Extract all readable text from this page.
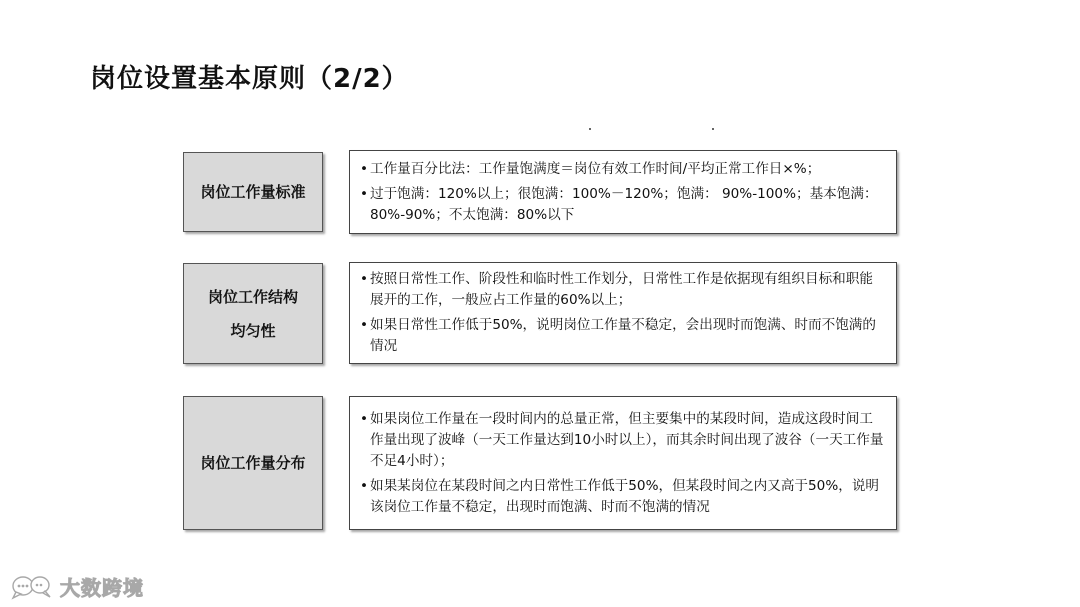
岗位设置基本原则（2/2）
岗位工作量标准
• 工作量百分比法：工作量饱满度＝岗位有效工作时间/平均正常工作日×%；
• 过于饱满：120%以上；很饱满：100%－120%；饱满： 90%-100%；基本饱满：80%-90%；不太饱满：80%以下
岗位工作结构
均匀性
• 按照日常性工作、阶段性和临时性工作划分，日常性工作是依据现有组织目标和职能展开的工作，一般应占工作量的60%以上；
• 如果日常性工作低于50%，说明岗位工作量不稳定，会出现时而饱满、时而不饱满的情况
岗位工作量分布
• 如果岗位工作量在一段时间内的总量正常，但主要集中的某段时间，造成这段时间工作量出现了波峰（一天工作量达到10小时以上），而其余时间出现了波谷（一天工作量不足4小时）；
• 如果某岗位在某段时间之内日常性工作低于50%，但某段时间之内又高于50%，说明该岗位工作量不稳定，出现时而饱满、时而不饱满的情况
大数跨境
